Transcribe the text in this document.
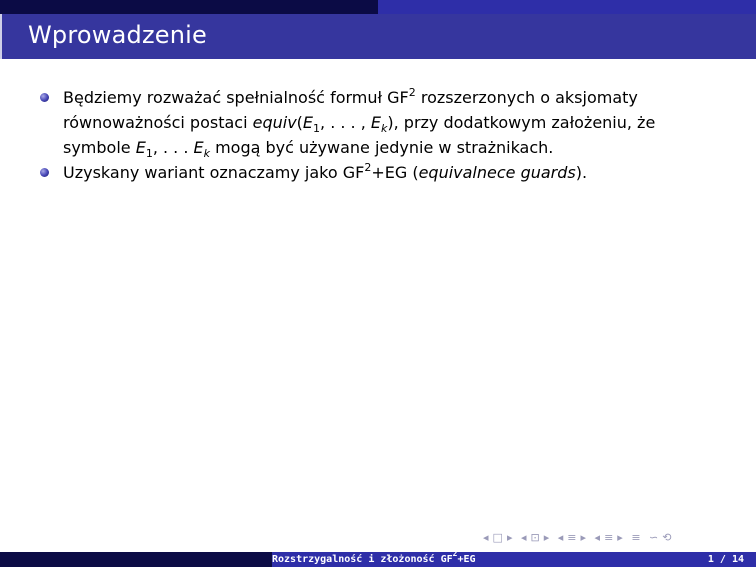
Wprowadzenie
Będziemy rozważać spełnialność formuł $GF^2$ rozszerzonych o aksjomaty równoważności postaci $equiv(E_1$, . . . , $E_k$), przy dodatkowym założeniu, że symbole $E_1$, . . . $E_k$ mogą być używane jedynie w strażnikach.
Uzyskany wariant oznaczamy jako $GF^2+EG$ (equivalnece guards).
◂ □ ▸ ◂ ⊡ ▸ ◂ ≡ ▸ ◂ ≡ ▸ ≡ ∽ ⟲
Rozstrzygalność i złożoność $GF^2+EG$	1 / 14
